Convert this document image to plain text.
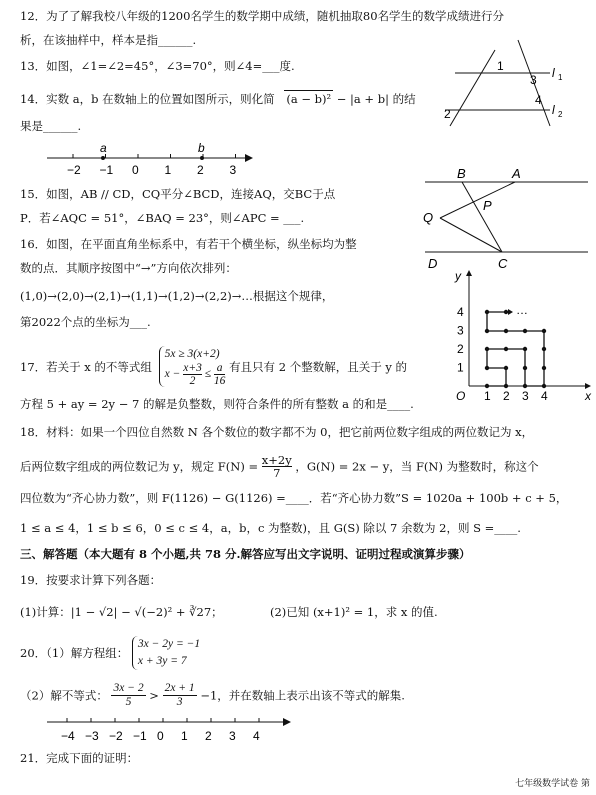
12．为了了解我校八年级的1200名学生的数学期中成绩，随机抽取80名学生的数学成绩进行分
析，在该抽样中，样本是指______.
13．如图，∠1=∠2=45°，∠3=70°，则∠4=___度.	1
3
4
2
l 1
l 2
14．实数 a，b 在数轴上的位置如图所示，则化简 (a − b)² − |a + b| 的结
果是______.
−2 −1 0 1 2 3
a	b
15．如图，AB // CD，CQ平分∠BCD，连接AQ，交BC于点
P．若∠AQC = 51°，∠BAQ = 23°，则∠APC = ___.
B	A
Q
P
D	C
16．如图，在平面直角坐标系中，有若干个横坐标，纵坐标均为整
数的点．其顺序按图中“→”方向依次排列：
(1,0)→(2,0)→(2,1)→(1,1)→(1,2)→(2,2)→…根据这个规律，
第2022个点的坐标为___.
…
y
x
O 1 2 3 4
1
2
3
4
17．若关于 x 的不等式组
5x ≥ 3(x+2)
$x - \frac{x+3}{2} \le \frac{a}{16}$ 有且只有 2 个整数解，且关于 y 的
方程 5 + ay = 2y − 7 的解是负整数，则符合条件的所有整数 a 的和是____.
18．材料：如果一个四位自然数 N 各个数位的数字都不为 0，把它前两位数字组成的两位数记为 x，
后两位数字组成的两位数记为 y，规定 $F(N) = \frac{x+2y}{7}$ ，G(N) = 2x − y，当 F(N) 为整数时，称这个
四位数为“齐心协力数”，则 F(1126) − G(1126) =____．若“齐心协力数”S = 1020a + 100b + c + 5，
1 ≤ a ≤ 4，1 ≤ b ≤ 6，0 ≤ c ≤ 4，a，b，c 为整数)，且 G(S) 除以 7 余数为 2，则 S =____.
三、解答题（本大题有 8 个小题,共 78 分.解答应写出文字说明、证明过程或演算步骤）
19．按要求计算下列各题：
(1)计算：|1 − √2| − √(−2)² + ∛27；	(2)已知 (x+1)² = 1，求 x 的值.
20．（1）解方程组：
3x − 2y = −1
x + 3y = 7
（2）解不等式： $\frac{3x - 2}{5} > \frac{2x + 1}{3} -1$，并在数轴上表示出该不等式的解集.
−4 −3 −2 −1 0 1 2 3 4
21．完成下面的证明：
七年级数学试卷 第
